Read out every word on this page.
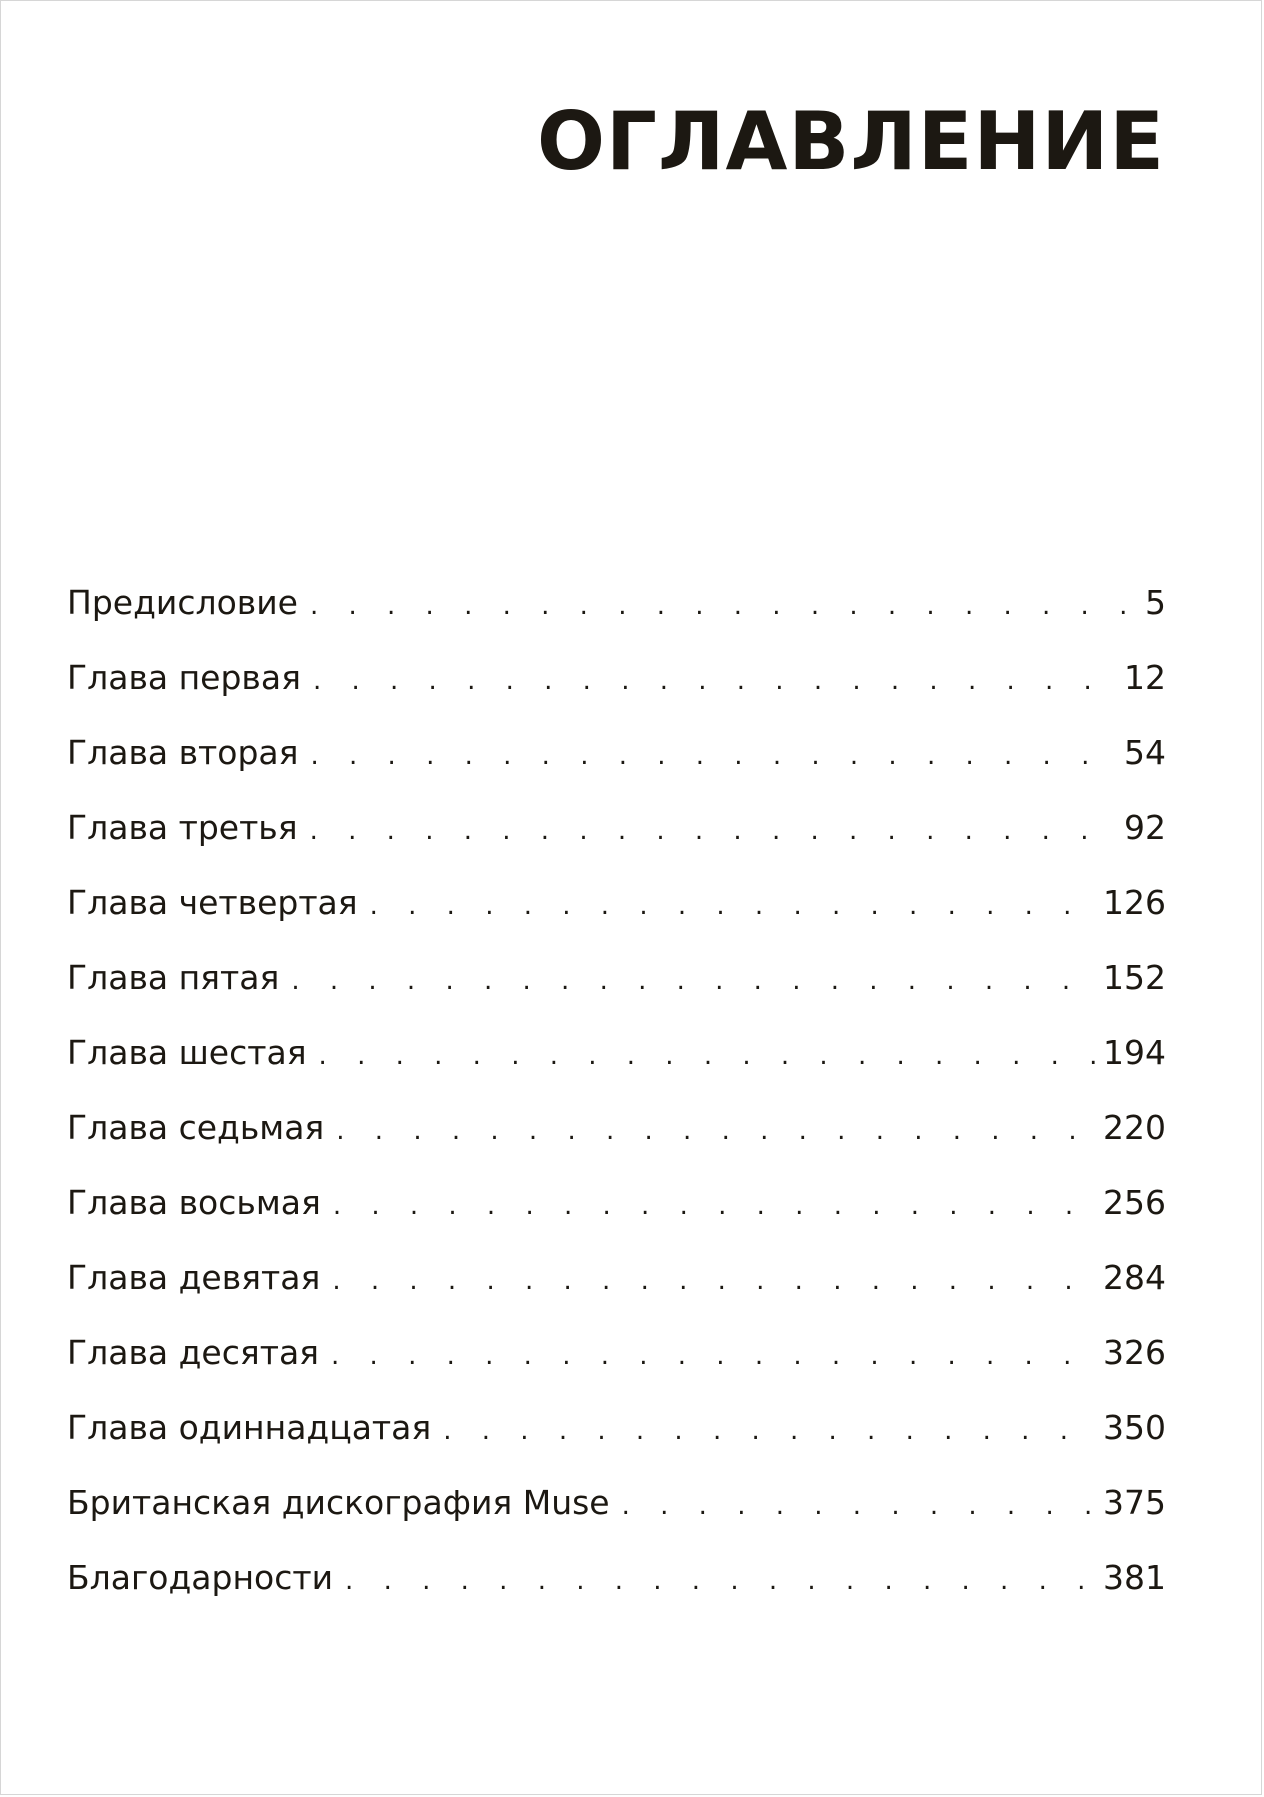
ОГЛАВЛЕНИЕ
Предисловие . . .	5
Глава первая . . .	12
Глава вторая . . .	54
Глава третья . . .	92
Глава четвертая . . .	126
Глава пятая . . .	152
Глава шестая . . .	194
Глава седьмая . . .	220
Глава восьмая . . .	256
Глава девятая . . .	284
Глава десятая . . .	326
Глава одиннадцатая . . .	350
Британская дискография Muse . . .	375
Благодарности . . .	381
